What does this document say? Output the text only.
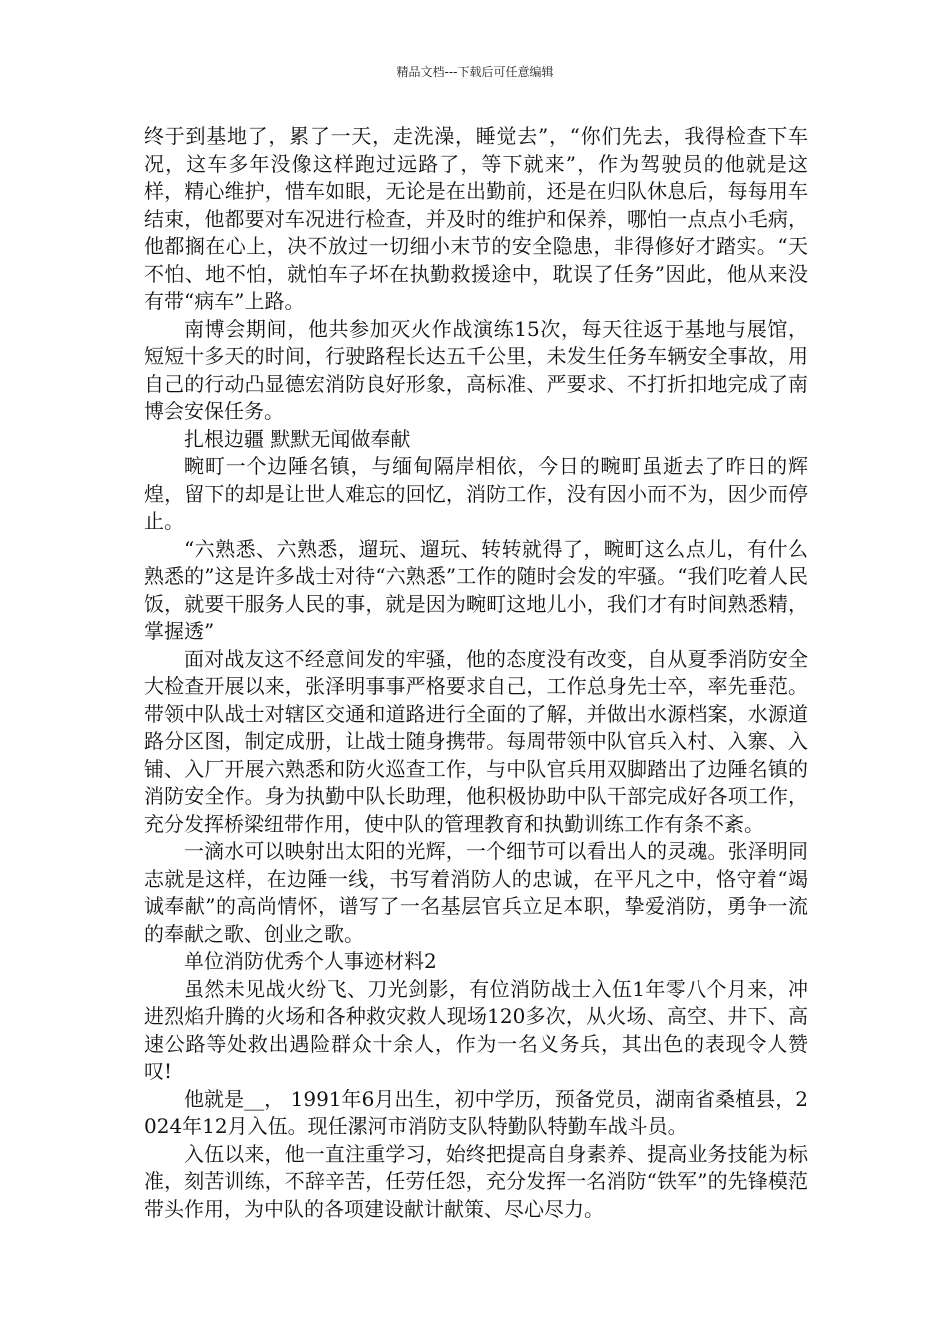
精品文档---下载后可任意编辑

终于到基地了，累了一天，走洗澡，睡觉去”，“你们先去，我得检查下车况，这车多年没像这样跑过远路了，等下就来”，作为驾驶员的他就是这样，精心维护，惜车如眼，无论是在出勤前，还是在归队休息后，每每用车结束，他都要对车况进行检查，并及时的维护和保养，哪怕一点点小毛病，他都搁在心上，决不放过一切细小末节的安全隐患，非得修好才踏实。“天不怕、地不怕，就怕车子坏在执勤救援途中，耽误了任务”因此，他从来没有带“病车”上路。

南博会期间，他共参加灭火作战演练15次，每天往返于基地与展馆，短短十多天的时间，行驶路程长达五千公里，未发生任务车辆安全事故，用自己的行动凸显德宏消防良好形象，高标准、严要求、不打折扣地完成了南博会安保任务。

扎根边疆 默默无闻做奉献

畹町一个边陲名镇，与缅甸隔岸相依，今日的畹町虽逝去了昨日的辉煌，留下的却是让世人难忘的回忆，消防工作，没有因小而不为，因少而停止。

“六熟悉、六熟悉，遛玩、遛玩、转转就得了，畹町这么点儿，有什么熟悉的”这是许多战士对待“六熟悉”工作的随时会发的牢骚。“我们吃着人民饭，就要干服务人民的事，就是因为畹町这地儿小，我们才有时间熟悉精，掌握透”

面对战友这不经意间发的牢骚，他的态度没有改变，自从夏季消防安全大检查开展以来，张泽明事事严格要求自己，工作总身先士卒，率先垂范。带领中队战士对辖区交通和道路进行全面的了解，并做出水源档案，水源道路分区图，制定成册，让战士随身携带。每周带领中队官兵入村、入寨、入铺、入厂开展六熟悉和防火巡查工作，与中队官兵用双脚踏出了边陲名镇的消防安全作。身为执勤中队长助理，他积极协助中队干部完成好各项工作，充分发挥桥梁纽带作用，使中队的管理教育和执勤训练工作有条不紊。

一滴水可以映射出太阳的光辉，一个细节可以看出人的灵魂。张泽明同志就是这样，在边陲一线，书写着消防人的忠诚，在平凡之中，恪守着“竭诚奉献”的高尚情怀，谱写了一名基层官兵立足本职，挚爱消防，勇争一流的奉献之歌、创业之歌。

单位消防优秀个人事迹材料2

虽然未见战火纷飞、刀光剑影，有位消防战士入伍1年零八个月来，冲进烈焰升腾的火场和各种救灾救人现场120多次，从火场、高空、井下、高速公路等处救出遇险群众十余人，作为一名义务兵，其出色的表现令人赞叹!

他就是__， 1991年6月出生，初中学历，预备党员，湖南省桑植县，2024年12月入伍。现任漯河市消防支队特勤队特勤车战斗员。

入伍以来，他一直注重学习，始终把提高自身素养、提高业务技能为标准，刻苦训练，不辞辛苦，任劳任怨，充分发挥一名消防“铁军”的先锋模范带头作用，为中队的各项建设献计献策、尽心尽力。
